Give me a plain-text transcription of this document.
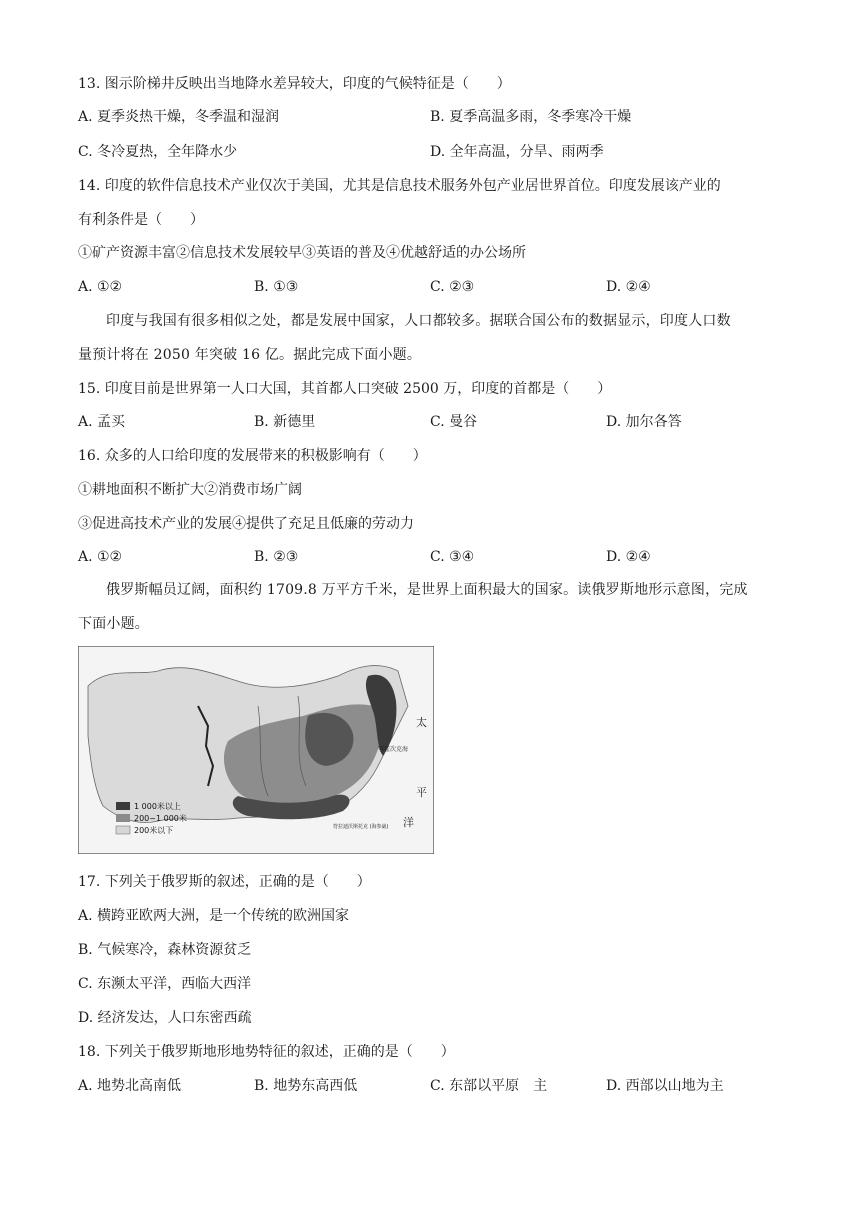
13. 图示阶梯井反映出当地降水差异较大，印度的气候特征是（　　）
A. 夏季炎热干燥，冬季温和湿润	B. 夏季高温多雨，冬季寒冷干燥
C. 冬冷夏热，全年降水少	D. 全年高温，分旱、雨两季
14. 印度的软件信息技术产业仅次于美国，尤其是信息技术服务外包产业居世界首位。印度发展该产业的
有利条件是（　　）
①矿产资源丰富②信息技术发展较早③英语的普及④优越舒适的办公场所
A. ①②	B. ①③	C. ②③	D. ②④
印度与我国有很多相似之处，都是发展中国家，人口都较多。据联合国公布的数据显示，印度人口数
量预计将在 2050 年突破 16 亿。据此完成下面小题。
15. 印度目前是世界第一人口大国，其首都人口突破 2500 万，印度的首都是（　　）
A. 孟买	B. 新德里	C. 曼谷	D. 加尔各答
16. 众多的人口给印度的发展带来的积极影响有（　　）
①耕地面积不断扩大②消费市场广阔
③促进高技术产业的发展④提供了充足且低廉的劳动力
A. ①②	B. ②③	C. ③④	D. ②④
俄罗斯幅员辽阔，面积约 1709.8 万平方千米，是世界上面积最大的国家。读俄罗斯地形示意图，完成
下面小题。
太
平
洋
鄂霍次克海
符拉迪沃斯托克 (海参崴)
1 000米以上
200~1 000米
200米以下
17. 下列关于俄罗斯的叙述，正确的是（　　）
A. 横跨亚欧两大洲，是一个传统的欧洲国家
B. 气候寒冷，森林资源贫乏
C. 东濒太平洋，西临大西洋
D. 经济发达，人口东密西疏
18. 下列关于俄罗斯地形地势特征的叙述，正确的是（　　）
A. 地势北高南低	B. 地势东高西低	C. 东部以平原　主	D. 西部以山地为主
